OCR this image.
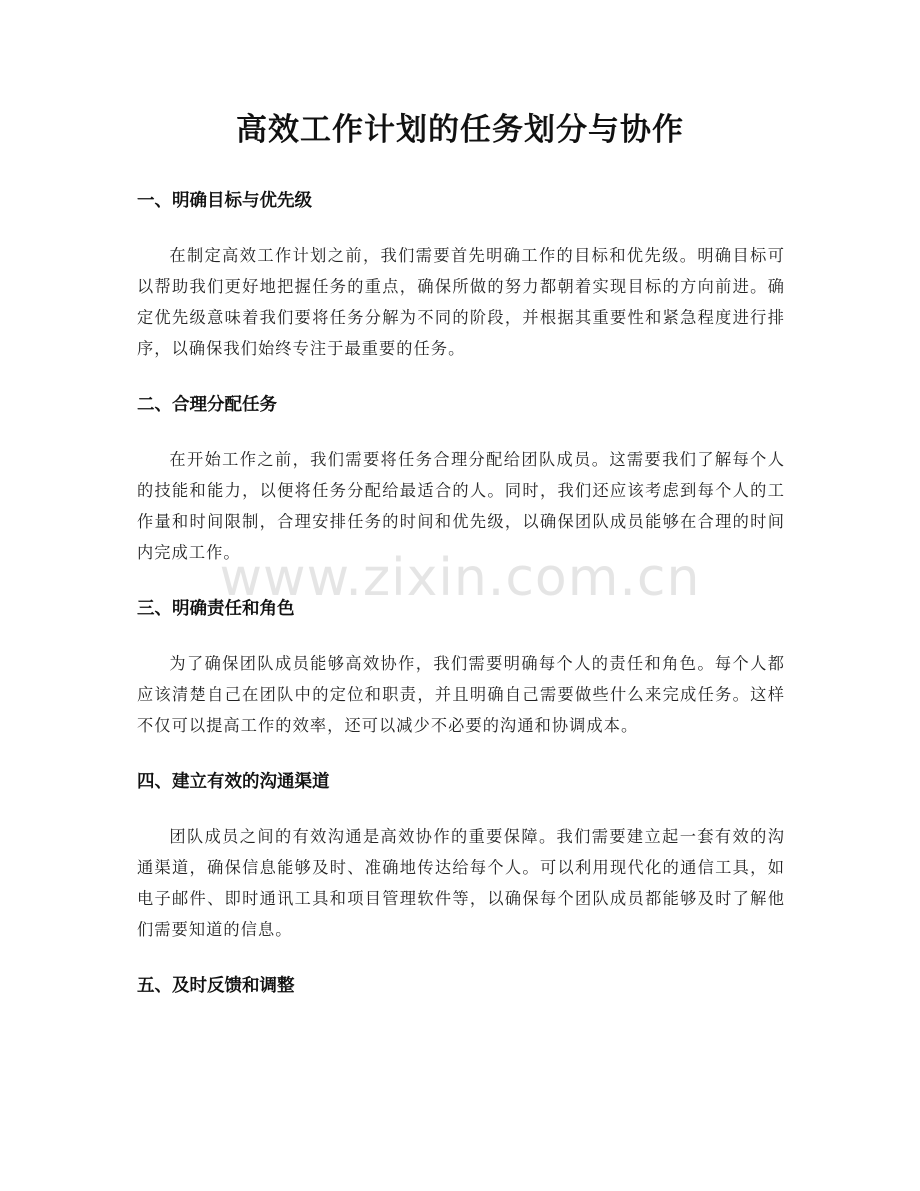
高效工作计划的任务划分与协作
一、明确目标与优先级

在制定高效工作计划之前，我们需要首先明确工作的目标和优先级。明确目标可以帮助我们更好地把握任务的重点，确保所做的努力都朝着实现目标的方向前进。确定优先级意味着我们要将任务分解为不同的阶段，并根据其重要性和紧急程度进行排序，以确保我们始终专注于最重要的任务。

二、合理分配任务

在开始工作之前，我们需要将任务合理分配给团队成员。这需要我们了解每个人的技能和能力，以便将任务分配给最适合的人。同时，我们还应该考虑到每个人的工作量和时间限制，合理安排任务的时间和优先级，以确保团队成员能够在合理的时间内完成工作。

三、明确责任和角色

为了确保团队成员能够高效协作，我们需要明确每个人的责任和角色。每个人都应该清楚自己在团队中的定位和职责，并且明确自己需要做些什么来完成任务。这样不仅可以提高工作的效率，还可以减少不必要的沟通和协调成本。

四、建立有效的沟通渠道

团队成员之间的有效沟通是高效协作的重要保障。我们需要建立起一套有效的沟通渠道，确保信息能够及时、准确地传达给每个人。可以利用现代化的通信工具，如电子邮件、即时通讯工具和项目管理软件等，以确保每个团队成员都能够及时了解他们需要知道的信息。

五、及时反馈和调整
www.zixin.com.cn
